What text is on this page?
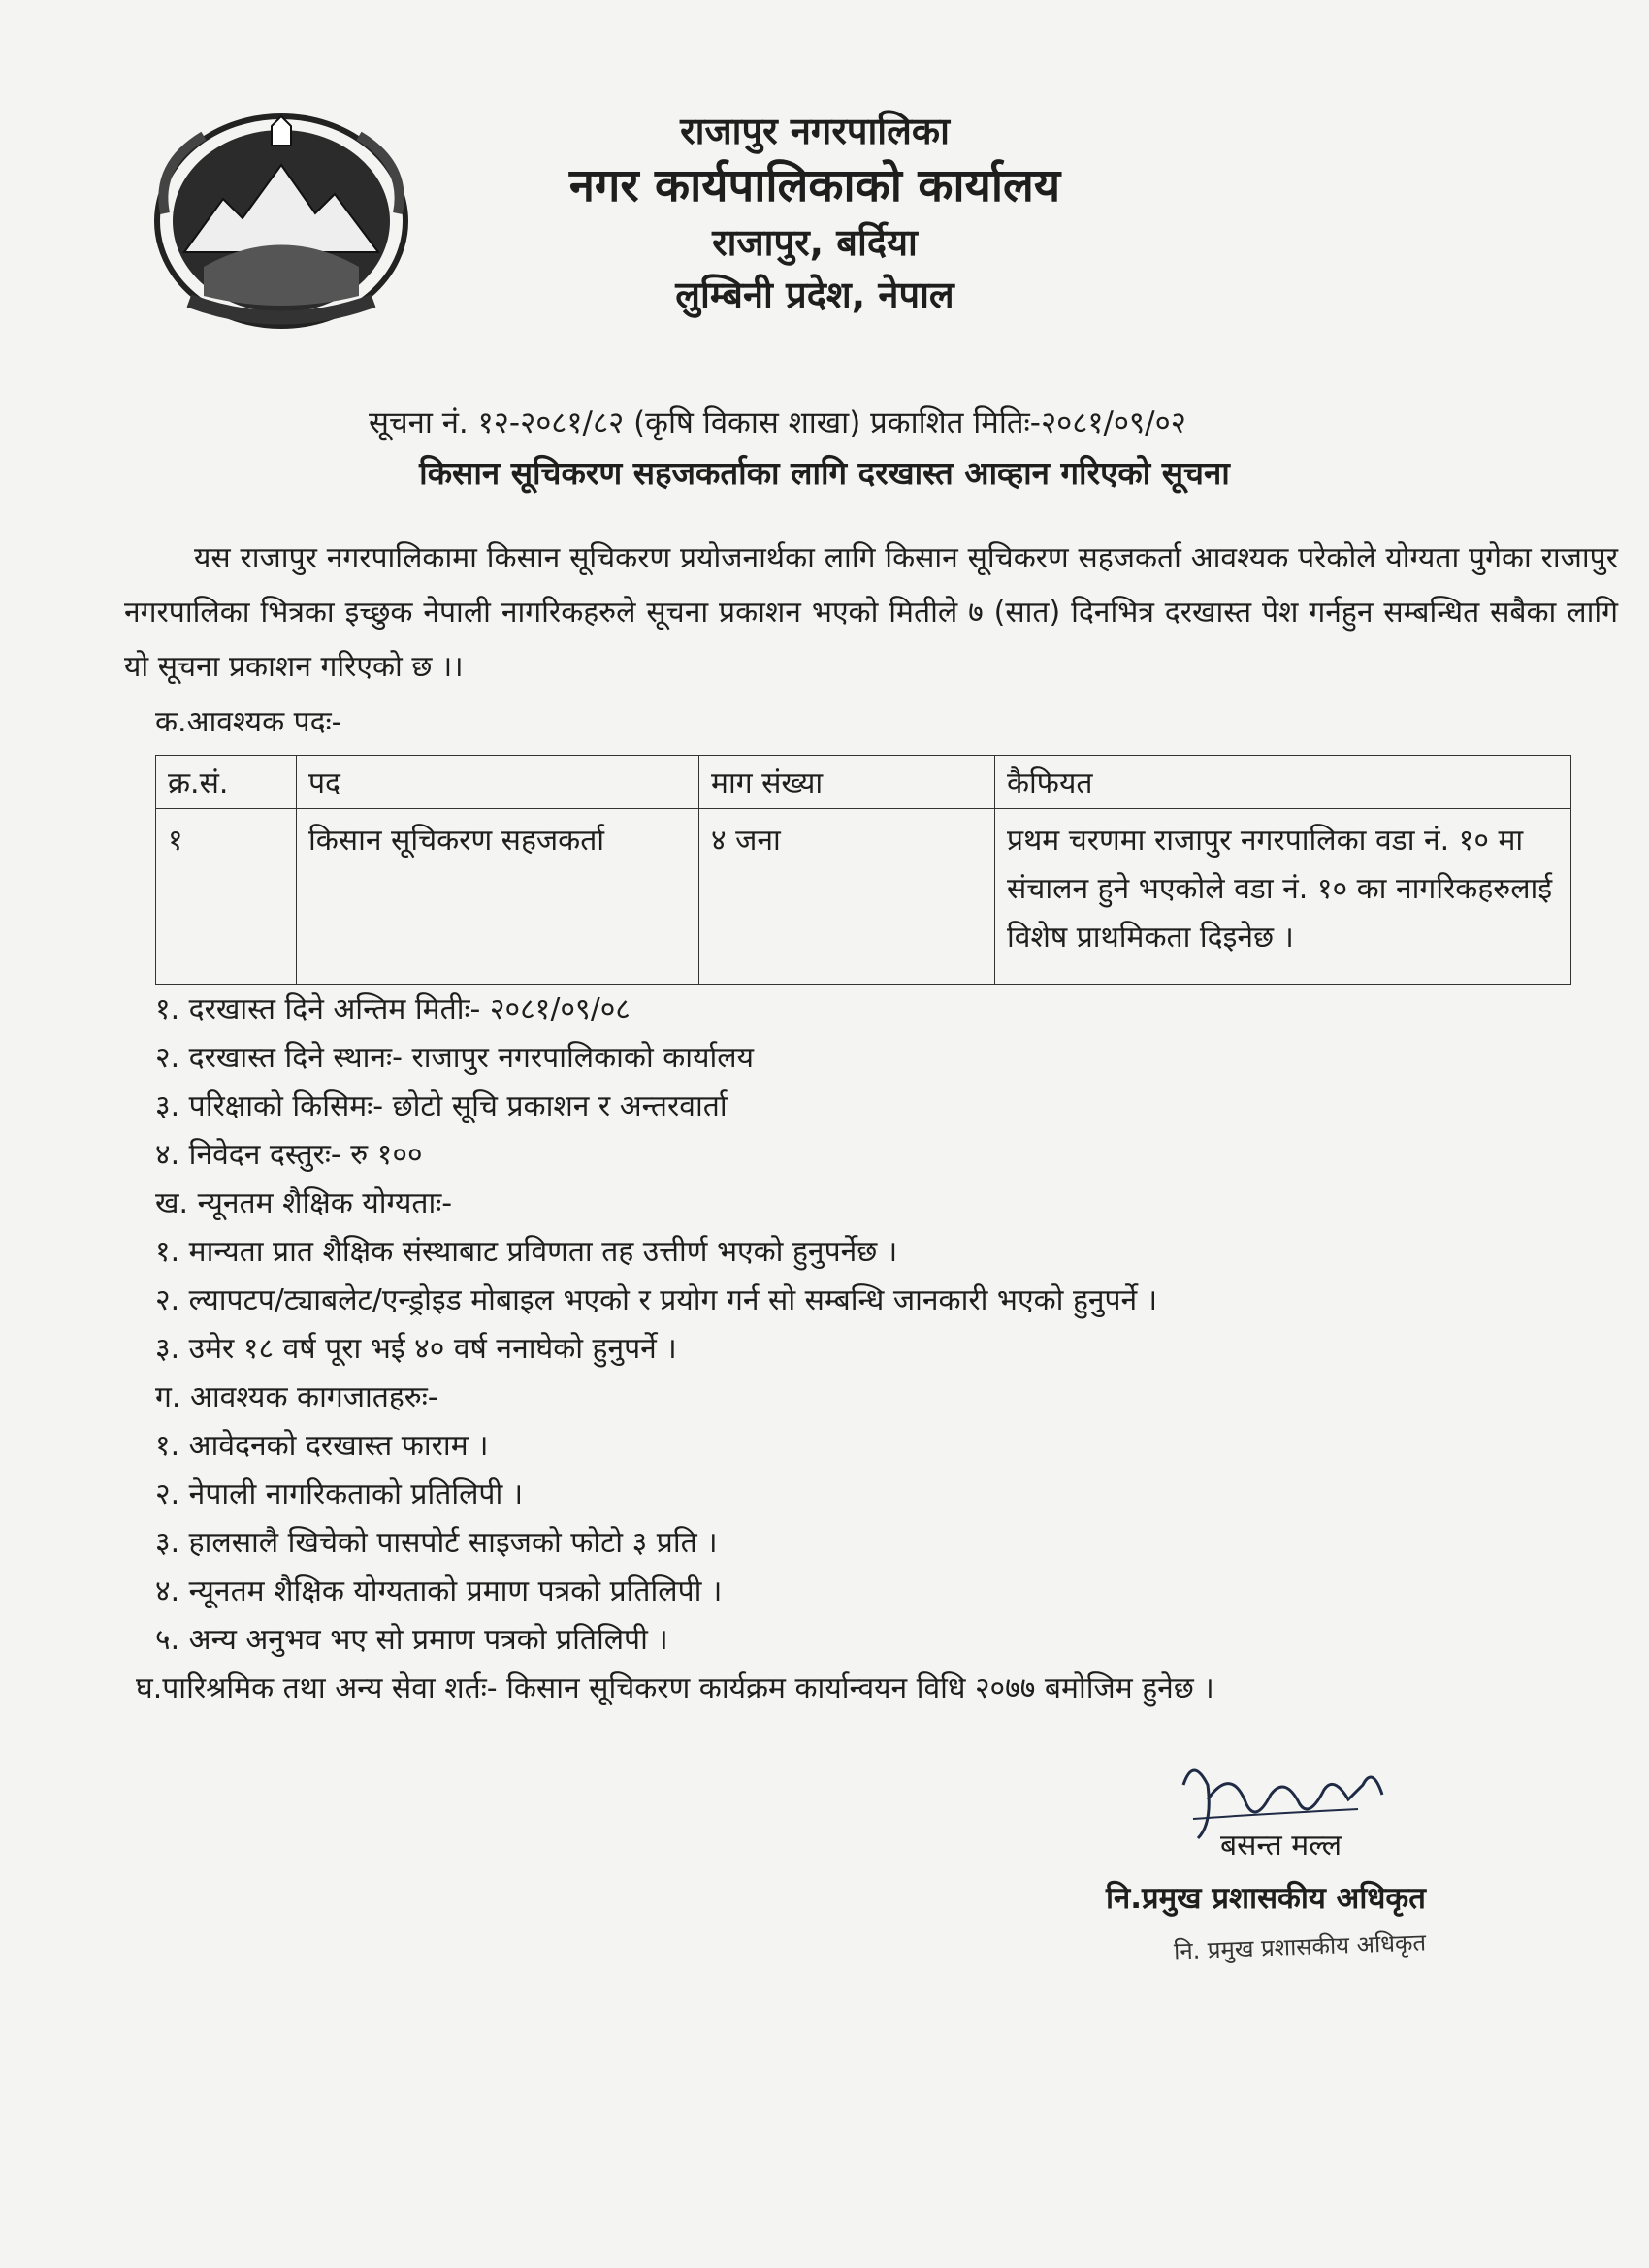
राजापुर नगरपालिका

नगर कार्यपालिकाको कार्यालय

राजापुर, बर्दिया

लुम्बिनी प्रदेश, नेपाल

सूचना नं. १२-२०८१/८२ (कृषि विकास शाखा) प्रकाशित मितिः-२०८१/०९/०२
किसान सूचिकरण सहजकर्ताका लागि दरखास्त आव्हान गरिएको सूचना
यस राजापुर नगरपालिकामा किसान सूचिकरण प्रयोजनार्थका लागि किसान सूचिकरण सहजकर्ता आवश्यक परेकोले योग्यता पुगेका राजापुर नगरपालिका भित्रका इच्छुक नेपाली नागरिकहरुले सूचना प्रकाशन भएको मितीले ७ (सात) दिनभित्र दरखास्त पेश गर्नहुन सम्बन्धित सबैका लागि यो सूचना प्रकाशन गरिएको छ ।।
क.आवश्यक पदः-
क्र.सं.	पद	माग संख्या	कैफियत
१	किसान सूचिकरण सहजकर्ता	४ जना	प्रथम चरणमा राजापुर नगरपालिका वडा नं. १० मा संचालन हुने भएकोले वडा नं. १० का नागरिकहरुलाई विशेष प्राथमिकता दिइनेछ ।
१. दरखास्त दिने अन्तिम मितीः- २०८१/०९/०८
२. दरखास्त दिने स्थानः- राजापुर नगरपालिकाको कार्यालय
३. परिक्षाको किसिमः- छोटो सूचि प्रकाशन र अन्तरवार्ता
४. निवेदन दस्तुरः- रु १००
ख. न्यूनतम शैक्षिक योग्यताः-
१. मान्यता प्रात शैक्षिक संस्थाबाट प्रविणता तह उत्तीर्ण भएको हुनुपर्नेछ ।
२. ल्यापटप/ट्याबलेट/एन्ड्रोइड मोबाइल भएको र प्रयोग गर्न सो सम्बन्धि जानकारी भएको हुनुपर्ने ।
३. उमेर १८ वर्ष पूरा भई ४० वर्ष ननाघेको हुनुपर्ने ।
ग. आवश्यक कागजातहरुः-
१. आवेदनको दरखास्त फाराम ।
२. नेपाली नागरिकताको प्रतिलिपी ।
३. हालसालै खिचेको पासपोर्ट साइजको फोटो ३ प्रति ।
४. न्यूनतम शैक्षिक योग्यताको प्रमाण पत्रको प्रतिलिपी ।
५. अन्य अनुभव भए सो प्रमाण पत्रको प्रतिलिपी ।
घ.पारिश्रमिक तथा अन्य सेवा शर्तः- किसान सूचिकरण कार्यक्रम कार्यान्वयन विधि २०७७ बमोजिम हुनेछ ।
बसन्त मल्ल
नि.प्रमुख प्रशासकीय अधिकृत
नि. प्रमुख प्रशासकीय अधिकृत
